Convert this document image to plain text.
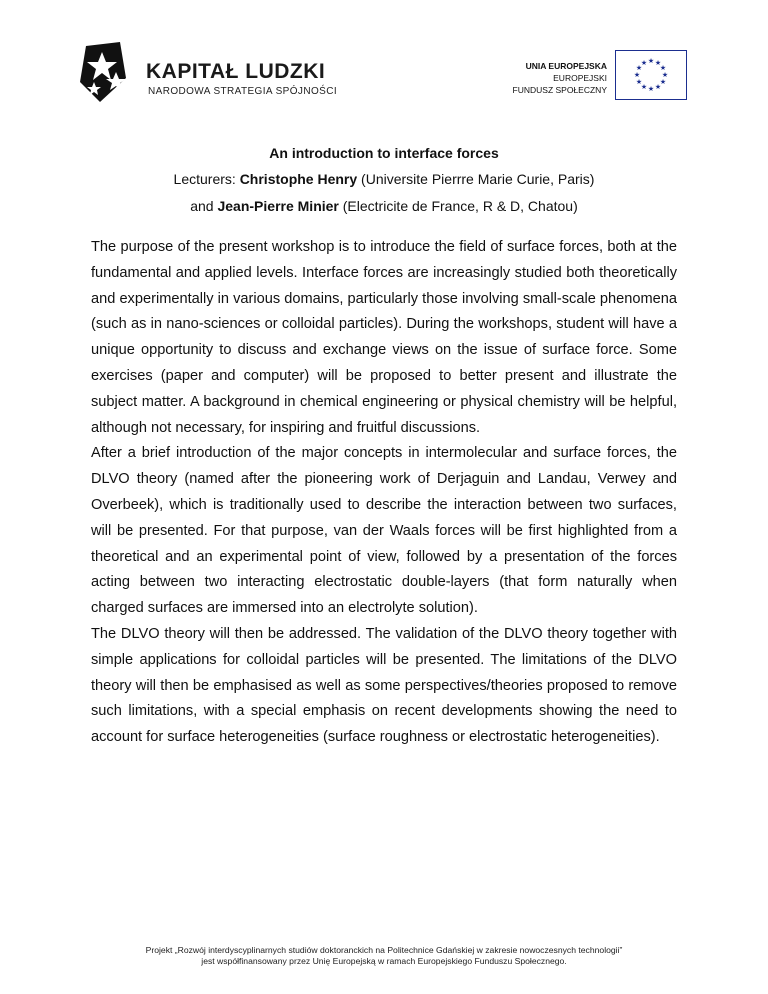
KAPITAŁ LUDZKI
NARODOWA STRATEGIA SPÓJNOŚCI
UNIA EUROPEJSKA
EUROPEJSKI
FUNDUSZ SPOŁECZNY
★ ★
★
★
★
★
★
★
★
★
★
★
An introduction to interface forces
Lecturers: Christophe Henry (Universite Pierrre Marie Curie, Paris)
and Jean-Pierre Minier (Electricite de France, R & D, Chatou)

The purpose of the present workshop is to introduce the field of surface forces, both at the fundamental and applied levels. Interface forces are increasingly studied both theoretically and experimentally in various domains, particularly those involving small-scale phenomena (such as in nano-sciences or colloidal particles). During the workshops, student will have a unique opportunity to discuss and exchange views on the issue of surface force. Some exercises (paper and computer) will be proposed to better present and illustrate the subject matter. A background in chemical engineering or physical chemistry will be helpful, although not necessary, for inspiring and fruitful discussions.

After a brief introduction of the major concepts in intermolecular and surface forces, the DLVO theory (named after the pioneering work of Derjaguin and Landau, Verwey and Overbeek), which is traditionally used to describe the interaction between two surfaces, will be presented. For that purpose, van der Waals forces will be first highlighted from a theoretical and an experimental point of view, followed by a presentation of the forces acting between two interacting electrostatic double-layers (that form naturally when charged surfaces are immersed into an electrolyte solution).

The DLVO theory will then be addressed. The validation of the DLVO theory together with simple applications for colloidal particles will be presented. The limitations of the DLVO theory will then be emphasised as well as some perspectives/theories proposed to remove such limitations, with a special emphasis on recent developments showing the need to account for surface heterogeneities (surface roughness or electrostatic heterogeneities).

Projekt „Rozwój interdyscyplinarnych studiów doktoranckich na Politechnice Gdańskiej w zakresie nowoczesnych technologii”
jest współfinansowany przez Unię Europejską w ramach Europejskiego Funduszu Społecznego.
